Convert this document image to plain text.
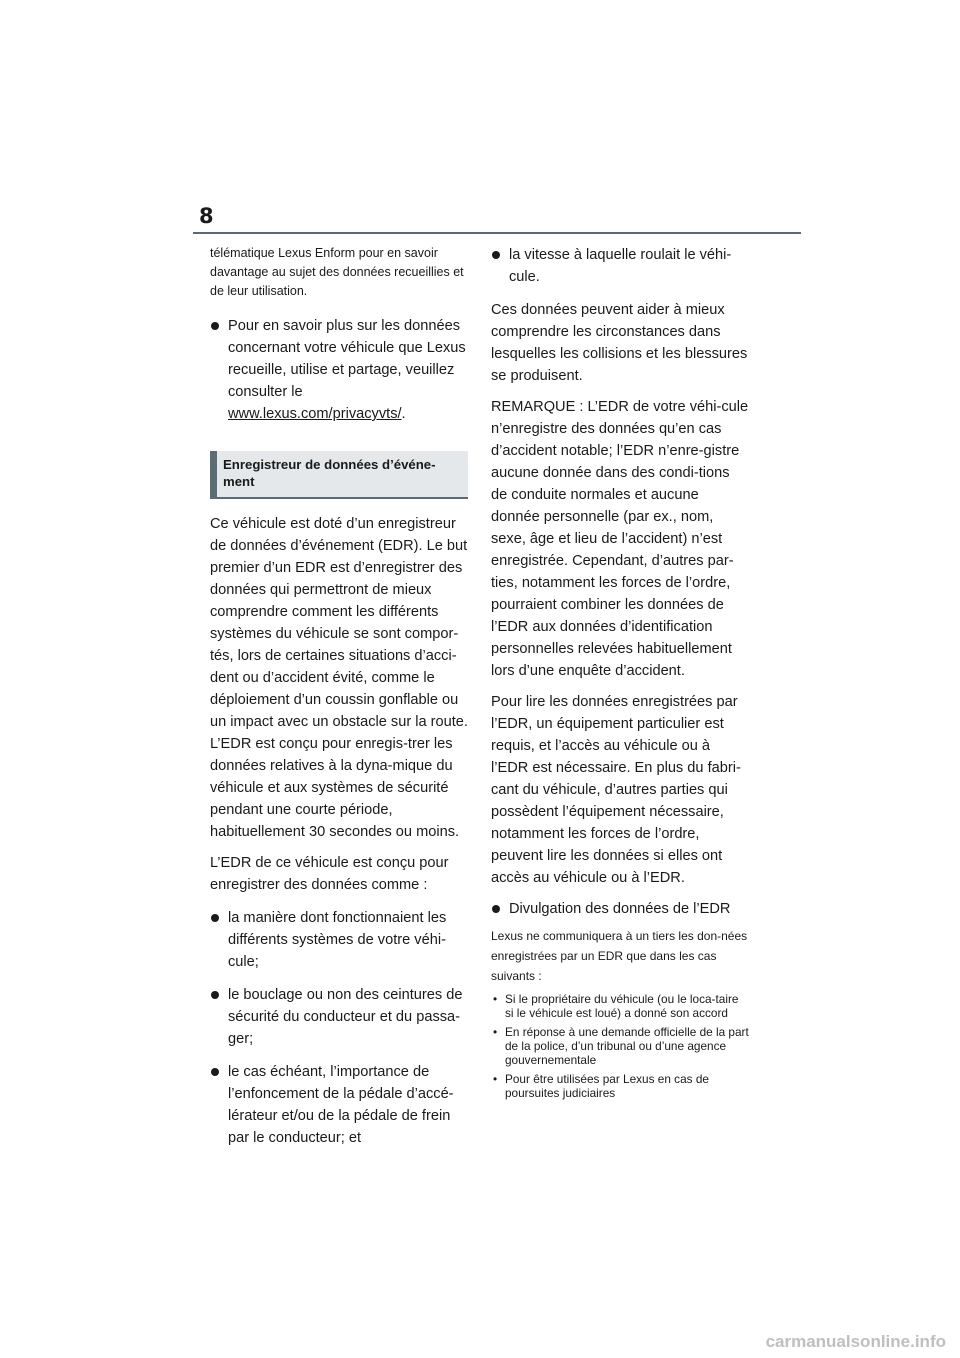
8

télématique Lexus Enform pour en savoir davantage au sujet des données recueillies et de leur utilisation.

Pour en savoir plus sur les données concernant votre véhicule que Lexus recueille, utilise et partage, veuillez consulter le
www.lexus.com/privacyvts/.
Enregistreur de données d’événe-ment

Ce véhicule est doté d’un enregistreur de données d’événement (EDR). Le but premier d’un EDR est d’enregistrer des données qui permettront de mieux comprendre comment les différents systèmes du véhicule se sont compor-tés, lors de certaines situations d’acci-dent ou d’accident évité, comme le déploiement d’un coussin gonflable ou un impact avec un obstacle sur la route. L’EDR est conçu pour enregis-trer les données relatives à la dyna-mique du véhicule et aux systèmes de sécurité pendant une courte période, habituellement 30 secondes ou moins.

L’EDR de ce véhicule est conçu pour enregistrer des données comme :

la manière dont fonctionnaient les différents systèmes de votre véhi-cule;
le bouclage ou non des ceintures de sécurité du conducteur et du passa-ger;
le cas échéant, l’importance de l’enfoncement de la pédale d’accé-lérateur et/ou de la pédale de frein par le conducteur; et
la vitesse à laquelle roulait le véhi-cule.

Ces données peuvent aider à mieux comprendre les circonstances dans lesquelles les collisions et les blessures se produisent.

REMARQUE : L’EDR de votre véhi-cule n’enregistre des données qu’en cas d’accident notable; l’EDR n’enre-gistre aucune donnée dans des condi-tions de conduite normales et aucune donnée personnelle (par ex., nom, sexe, âge et lieu de l’accident) n’est enregistrée. Cependant, d’autres par-ties, notamment les forces de l’ordre, pourraient combiner les données de l’EDR aux données d’identification personnelles relevées habituellement lors d’une enquête d’accident.

Pour lire les données enregistrées par l’EDR, un équipement particulier est requis, et l’accès au véhicule ou à l’EDR est nécessaire. En plus du fabri-cant du véhicule, d’autres parties qui possèdent l’équipement nécessaire, notamment les forces de l’ordre, peuvent lire les données si elles ont accès au véhicule ou à l’EDR.

Divulgation des données de l’EDR

Lexus ne communiquera à un tiers les don-nées enregistrées par un EDR que dans les cas suivants :

• Si le propriétaire du véhicule (ou le loca-taire si le véhicule est loué) a donné son accord
• En réponse à une demande officielle de la part de la police, d’un tribunal ou d’une agence gouvernementale
• Pour être utilisées par Lexus en cas de poursuites judiciaires
carmanualsonline.info
